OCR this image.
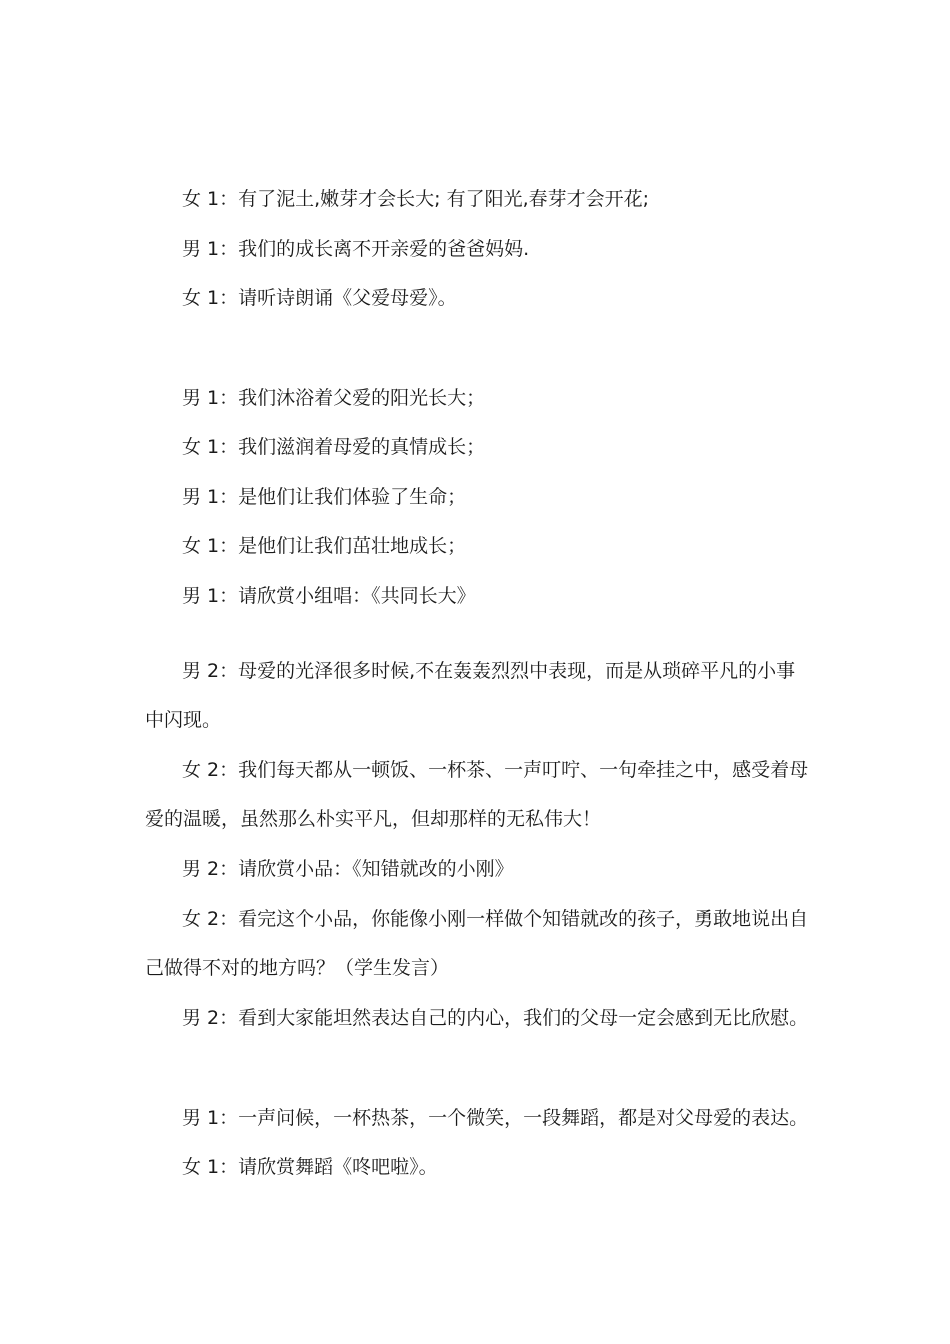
女 1：有了泥土,嫩芽才会长大; 有了阳光,春芽才会开花;

男 1：我们的成长离不开亲爱的爸爸妈妈.

女 1：请听诗朗诵《父爱母爱》。

男 1：我们沐浴着父爱的阳光长大；

女 1：我们滋润着母爱的真情成长；

男 1：是他们让我们体验了生命；

女 1：是他们让我们茁壮地成长；

男 1：请欣赏小组唱：《共同长大》

男 2：母爱的光泽很多时候,不在轰轰烈烈中表现，而是从琐碎平凡的小事中闪现。

女 2：我们每天都从一顿饭、一杯茶、一声叮咛、一句牵挂之中，感受着母爱的温暖，虽然那么朴实平凡，但却那样的无私伟大！

男 2：请欣赏小品：《知错就改的小刚》

女 2：看完这个小品，你能像小刚一样做个知错就改的孩子，勇敢地说出自己做得不对的地方吗？（学生发言）

男 2：看到大家能坦然表达自己的内心，我们的父母一定会感到无比欣慰。

男 1：一声问候，一杯热茶，一个微笑，一段舞蹈，都是对父母爱的表达。

女 1：请欣赏舞蹈《咚吧啦》。
